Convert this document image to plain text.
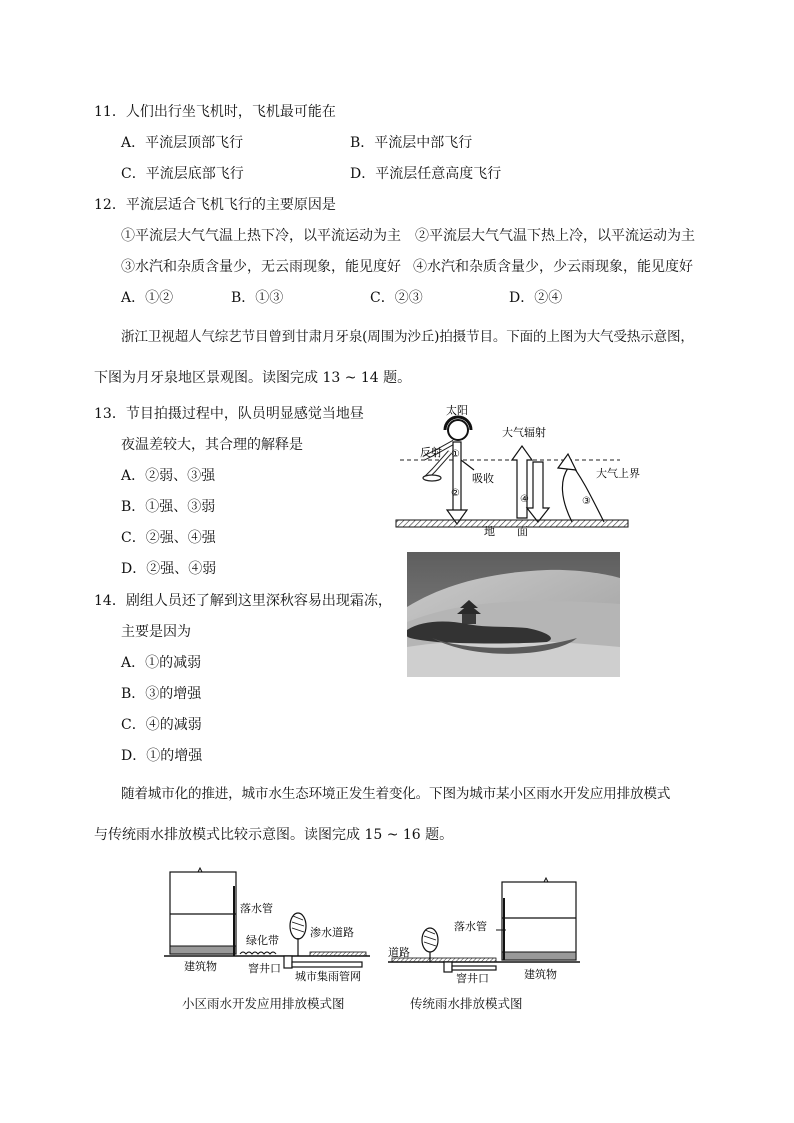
11．人们出行坐飞机时，飞机最可能在
A．平流层顶部飞行	B．平流层中部飞行
C．平流层底部飞行	D．平流层任意高度飞行
12．平流层适合飞机飞行的主要原因是
①平流层大气气温上热下冷，以平流运动为主 ②平流层大气气温下热上冷，以平流运动为主
③水汽和杂质含量少，无云雨现象，能见度好 ④水汽和杂质含量少，少云雨现象，能见度好
A．①②	B．①③	C．②③	D．②④
浙江卫视超人气综艺节目曾到甘肃月牙泉(周围为沙丘)拍摄节目。下面的上图为大气受热示意图，
下图为月牙泉地区景观图。读图完成 13 ~ 14 题。
13．节目拍摄过程中，队员明显感觉当地昼
夜温差较大，其合理的解释是
A．②弱、③强
B．①强、③弱
C．②强、④强
D．②强、④弱
14．剧组人员还了解到这里深秋容易出现霜冻，
主要是因为
A．①的减弱
B．③的增强
C．④的减弱
D．①的增强
随着城市化的推进，城市水生态环境正发生着变化。下图为城市某小区雨水开发应用排放模式
与传统雨水排放模式比较示意图。读图完成 15 ~ 16 题。
太阳
反射 ①
②
吸收
大气辐射
④	③
大气上界
地　　面
落水管
绿化带
渗水道路
建筑物	窨井口
城市集雨管网
小区雨水开发应用排放模式图
落水管
道路
窨井口	建筑物
传统雨水排放模式图
